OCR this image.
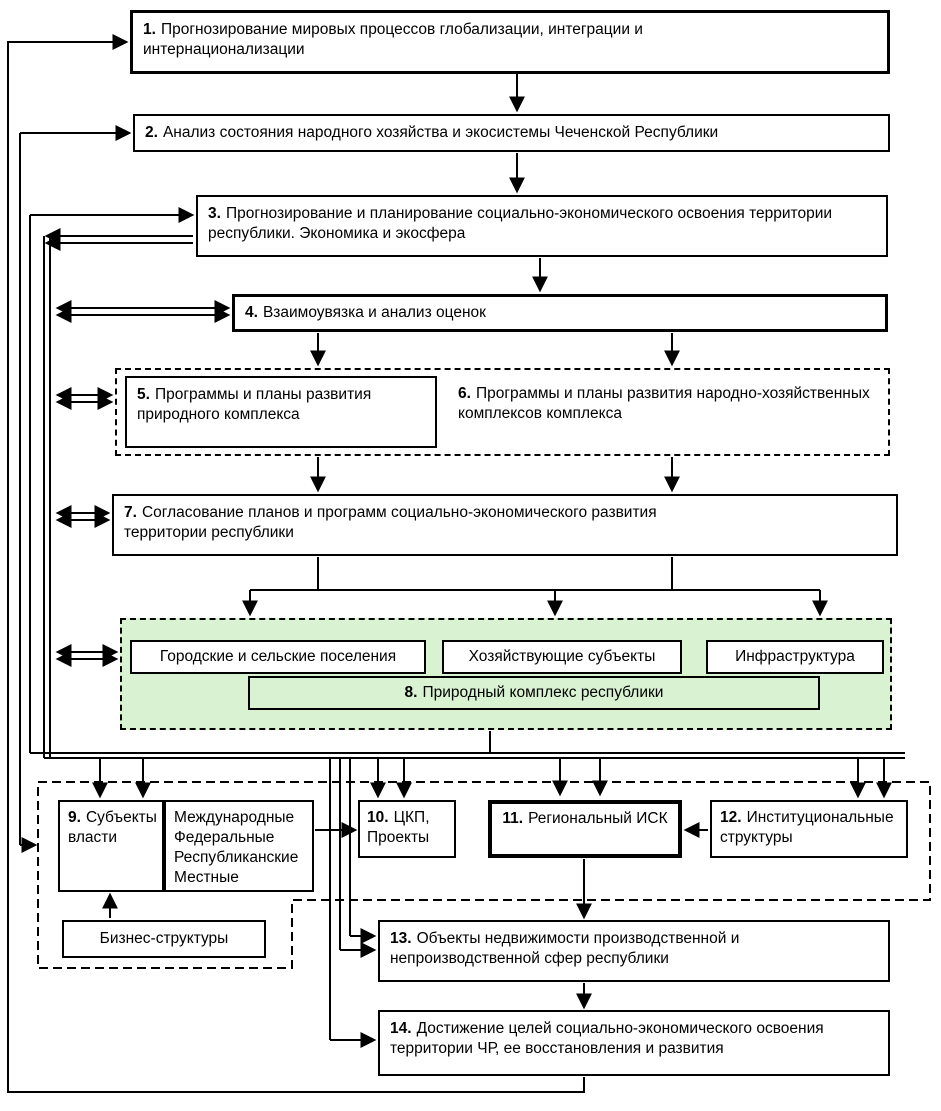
1. Прогнозирование мировых процессов глобализации, интеграции и интернационализации
2. Анализ состояния народного хозяйства и экосистемы Чеченской Республики
3. Прогнозирование и планирование социально-экономического освоения территории республики. Экономика и экосфера
4. Взаимоувязка и анализ оценок
5. Программы и планы развития природного комплекса
6. Программы и планы развития народно-хозяйственных комплексов комплекса
7. Согласование планов и программ социально-экономического развития территории республики
Городские и сельские поселения	Хозяйствующие субъекты	Инфраструктура
8. Природный комплекс республики
9. Субъекты власти
Международные
Федеральные
Республиканские
Местные
10. ЦКП, Проекты
11. Региональный ИСК	12. Институциональные структуры
Бизнес-структуры	13. Объекты недвижимости производственной и непроизводственной сфер республики
14. Достижение целей социально-экономического освоения территории ЧР, ее восстановления и развития
